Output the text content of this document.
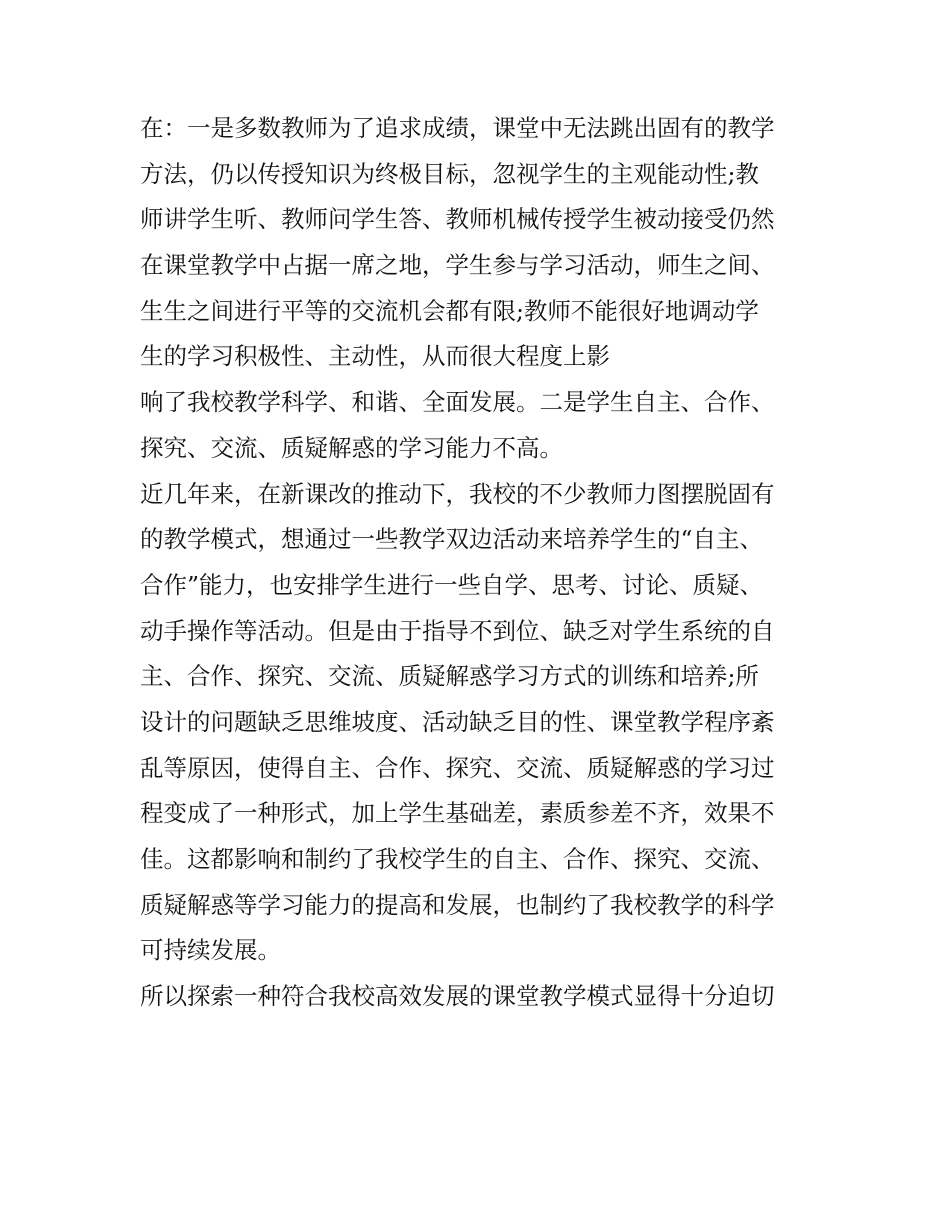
在：一是多数教师为了追求成绩，课堂中无法跳出固有的教学
方法，仍以传授知识为终极目标，忽视学生的主观能动性;教
师讲学生听、教师问学生答、教师机械传授学生被动接受仍然
在课堂教学中占据一席之地，学生参与学习活动，师生之间、
生生之间进行平等的交流机会都有限;教师不能很好地调动学
生的学习积极性、主动性，从而很大程度上影
响了我校教学科学、和谐、全面发展。二是学生自主、合作、
探究、交流、质疑解惑的学习能力不高。
近几年来，在新课改的推动下，我校的不少教师力图摆脱固有
的教学模式，想通过一些教学双边活动来培养学生的“自主、
合作”能力，也安排学生进行一些自学、思考、讨论、质疑、
动手操作等活动。但是由于指导不到位、缺乏对学生系统的自
主、合作、探究、交流、质疑解惑学习方式的训练和培养;所
设计的问题缺乏思维坡度、活动缺乏目的性、课堂教学程序紊
乱等原因，使得自主、合作、探究、交流、质疑解惑的学习过
程变成了一种形式，加上学生基础差，素质参差不齐，效果不
佳。这都影响和制约了我校学生的自主、合作、探究、交流、
质疑解惑等学习能力的提高和发展，也制约了我校教学的科学
可持续发展。
所以探索一种符合我校高效发展的课堂教学模式显得十分迫切
